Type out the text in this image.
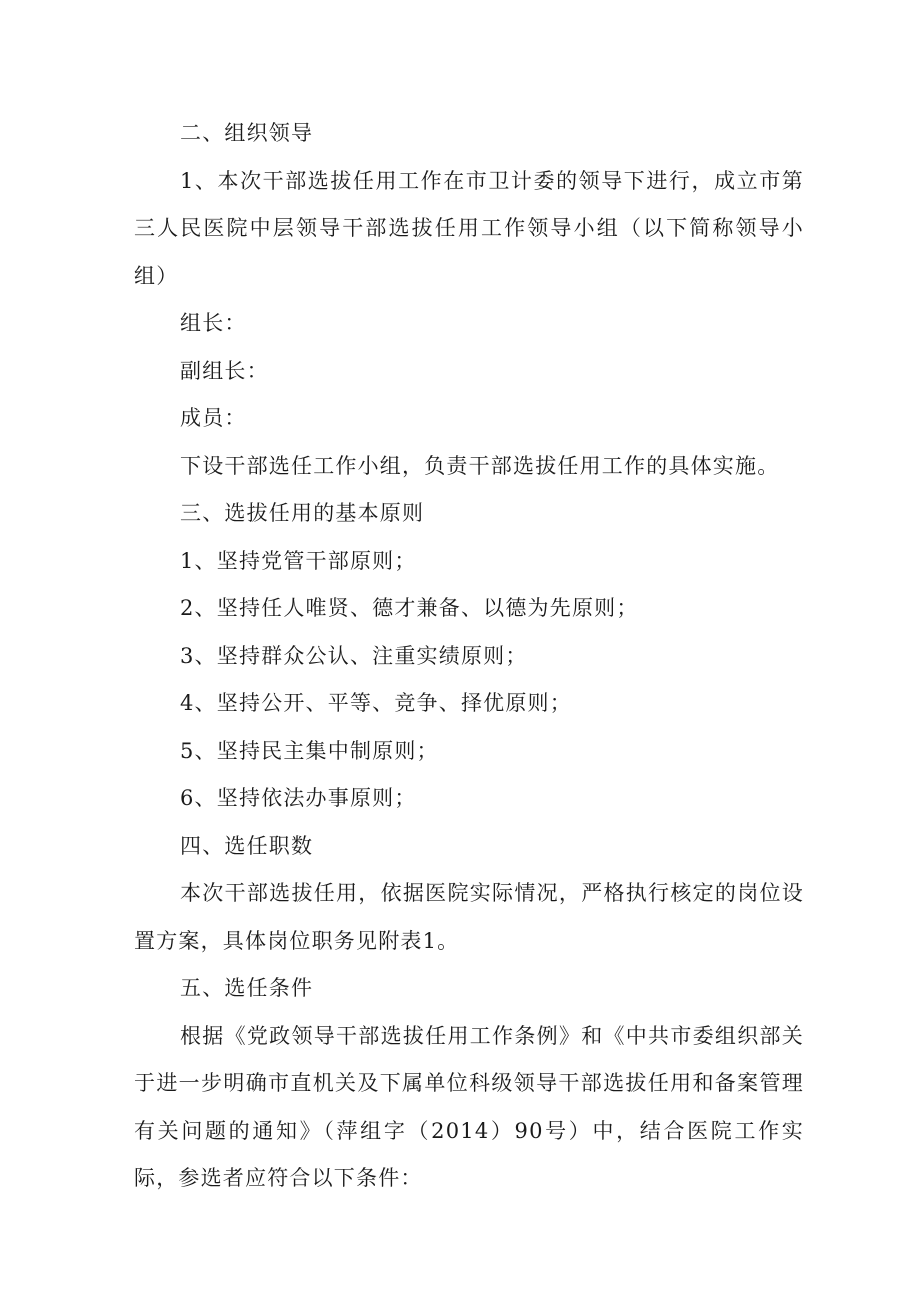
二、组织领导

1、本次干部选拔任用工作在市卫计委的领导下进行，成立市第三人民医院中层领导干部选拔任用工作领导小组（以下简称领导小组）

组长：

副组长：

成员：

下设干部选任工作小组，负责干部选拔任用工作的具体实施。

三、选拔任用的基本原则

1、坚持党管干部原则；

2、坚持任人唯贤、德才兼备、以德为先原则；

3、坚持群众公认、注重实绩原则；

4、坚持公开、平等、竞争、择优原则；

5、坚持民主集中制原则；

6、坚持依法办事原则；

四、选任职数

本次干部选拔任用，依据医院实际情况，严格执行核定的岗位设置方案，具体岗位职务见附表1。

五、选任条件

根据《党政领导干部选拔任用工作条例》和《中共市委组织部关于进一步明确市直机关及下属单位科级领导干部选拔任用和备案管理有关问题的通知》（萍组字（2014）90号）中，结合医院工作实际，参选者应符合以下条件：
